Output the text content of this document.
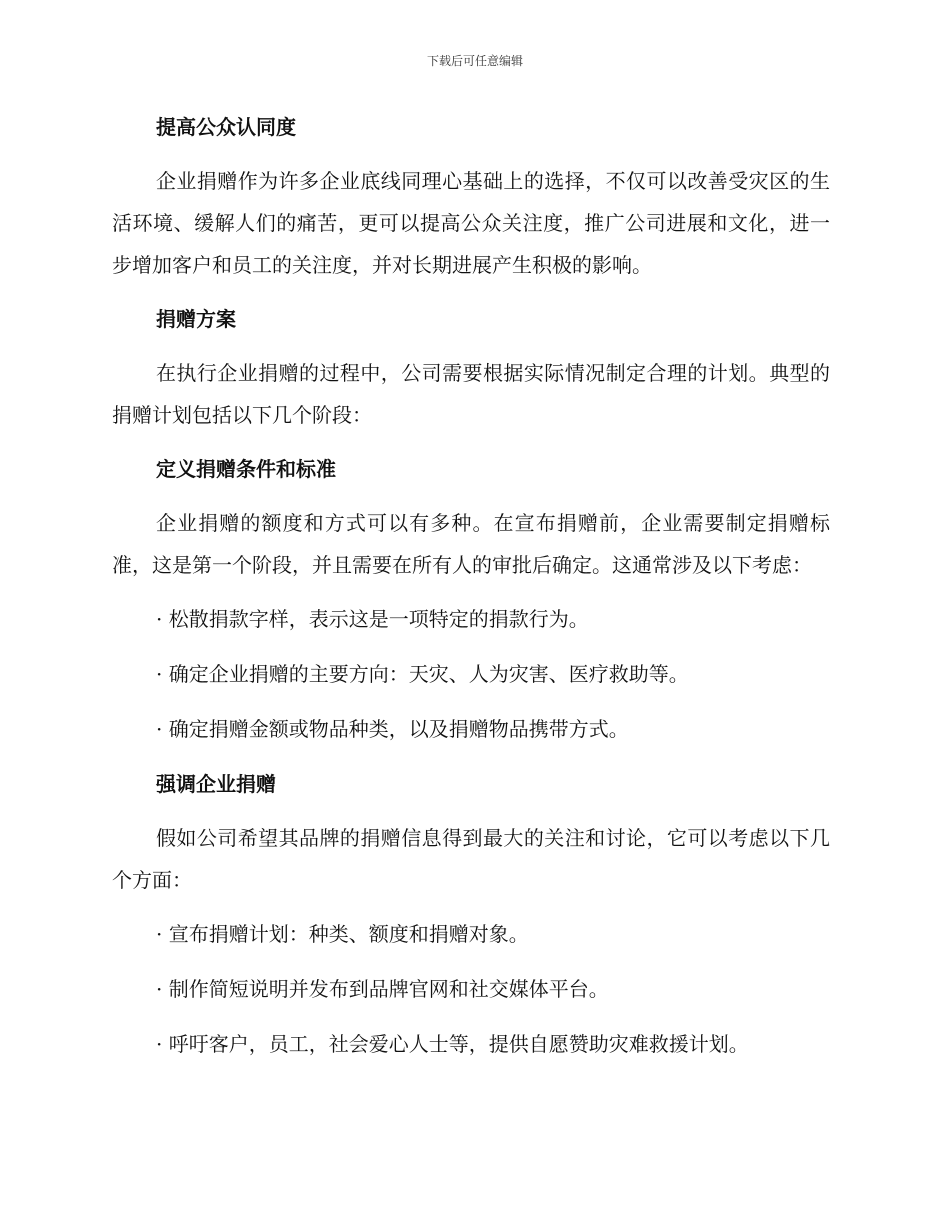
下载后可任意编辑
提高公众认同度

企业捐赠作为许多企业底线同理心基础上的选择，不仅可以改善受灾区的生活环境、缓解人们的痛苦，更可以提高公众关注度，推广公司进展和文化，进一步增加客户和员工的关注度，并对长期进展产生积极的影响。

捐赠方案

在执行企业捐赠的过程中，公司需要根据实际情况制定合理的计划。典型的捐赠计划包括以下几个阶段：

定义捐赠条件和标准

企业捐赠的额度和方式可以有多种。在宣布捐赠前，企业需要制定捐赠标准，这是第一个阶段，并且需要在所有人的审批后确定。这通常涉及以下考虑：

· 松散捐款字样，表示这是一项特定的捐款行为。

· 确定企业捐赠的主要方向：天灾、人为灾害、医疗救助等。

· 确定捐赠金额或物品种类，以及捐赠物品携带方式。

强调企业捐赠

假如公司希望其品牌的捐赠信息得到最大的关注和讨论，它可以考虑以下几个方面：

· 宣布捐赠计划：种类、额度和捐赠对象。

· 制作简短说明并发布到品牌官网和社交媒体平台。

· 呼吁客户，员工，社会爱心人士等，提供自愿赞助灾难救援计划。
